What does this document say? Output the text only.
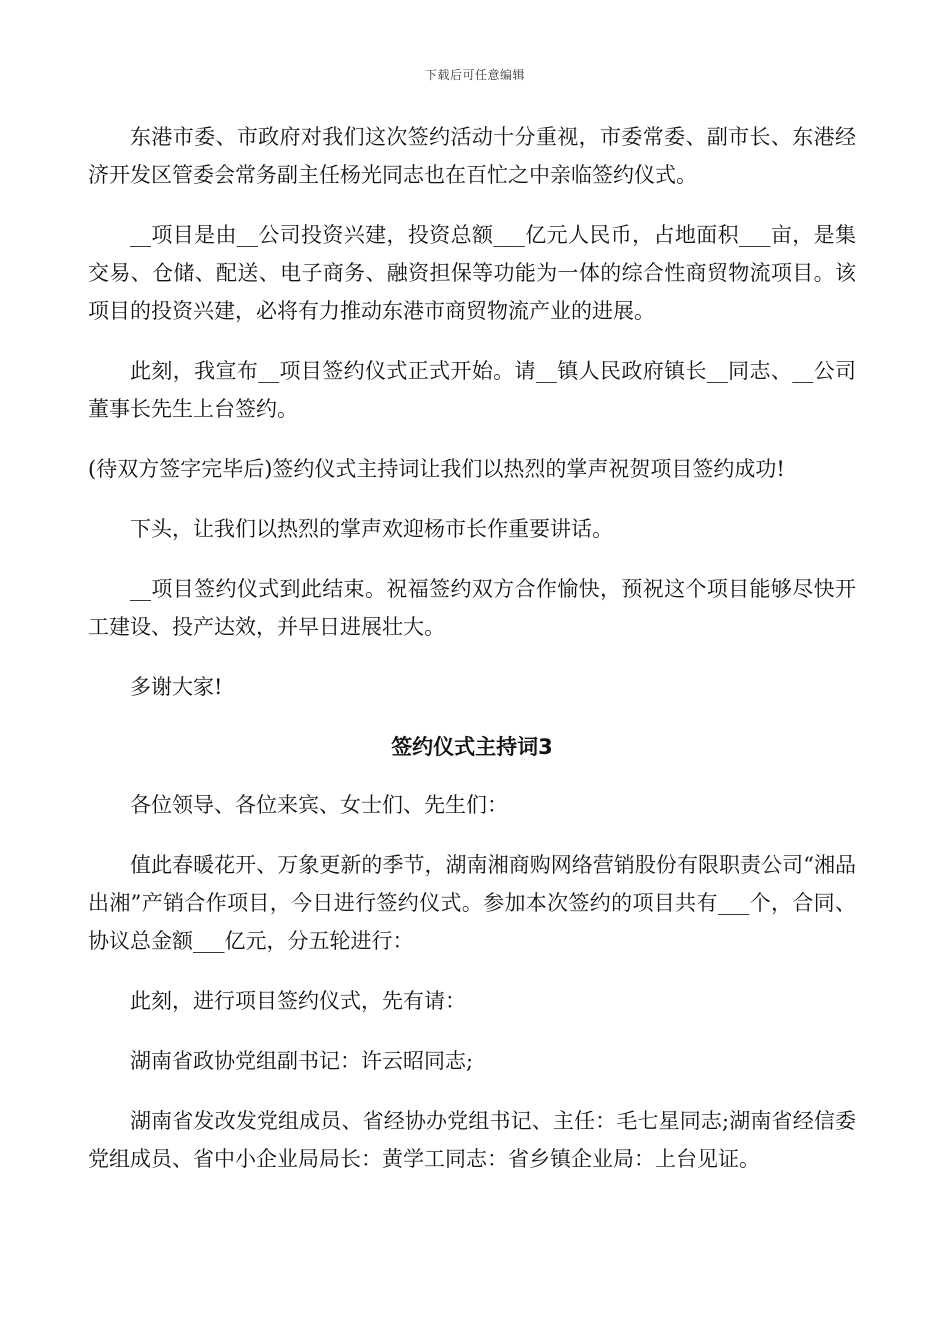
下载后可任意编辑

东港市委、市政府对我们这次签约活动十分重视，市委常委、副市长、东港经济开发区管委会常务副主任杨光同志也在百忙之中亲临签约仪式。

__项目是由__公司投资兴建，投资总额___亿元人民币，占地面积___亩，是集交易、仓储、配送、电子商务、融资担保等功能为一体的综合性商贸物流项目。该项目的投资兴建，必将有力推动东港市商贸物流产业的进展。

此刻，我宣布__项目签约仪式正式开始。请__镇人民政府镇长__同志、__公司董事长先生上台签约。

(待双方签字完毕后)签约仪式主持词让我们以热烈的掌声祝贺项目签约成功!

下头，让我们以热烈的掌声欢迎杨市长作重要讲话。

__项目签约仪式到此结束。祝福签约双方合作愉快，预祝这个项目能够尽快开工建设、投产达效，并早日进展壮大。

多谢大家!

签约仪式主持词3

各位领导、各位来宾、女士们、先生们：

值此春暖花开、万象更新的季节，湖南湘商购网络营销股份有限职责公司“湘品出湘”产销合作项目，今日进行签约仪式。参加本次签约的项目共有___个，合同、协议总金额___亿元，分五轮进行：

此刻，进行项目签约仪式，先有请：

湖南省政协党组副书记：许云昭同志;

湖南省发改发党组成员、省经协办党组书记、主任：毛七星同志;湖南省经信委党组成员、省中小企业局局长：黄学工同志：省乡镇企业局：上台见证。
